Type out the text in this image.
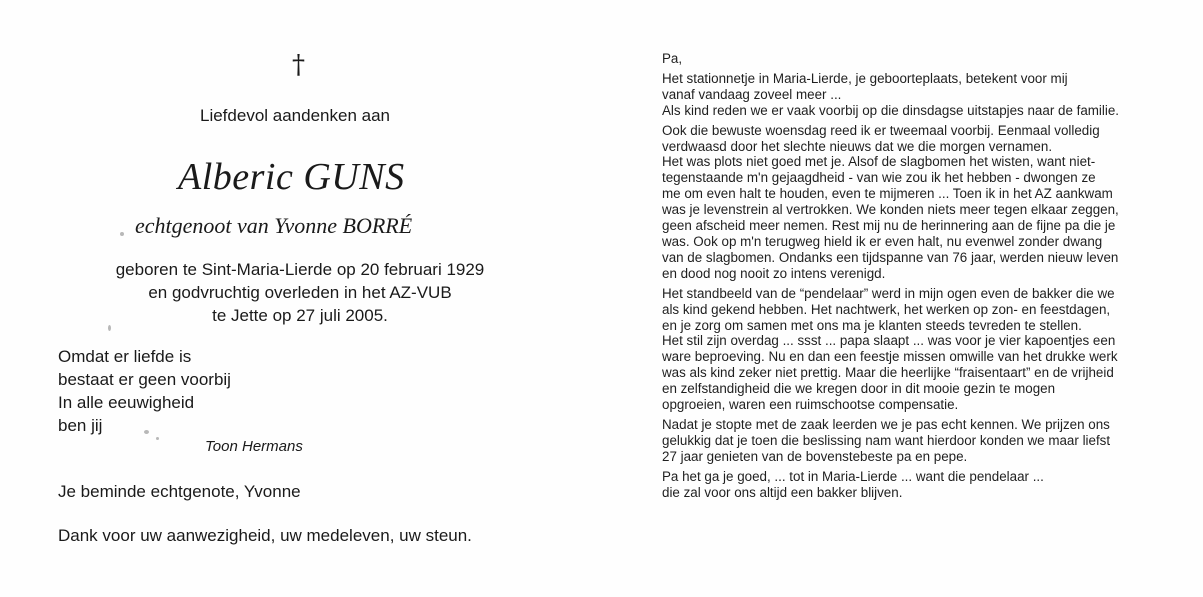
†
Liefdevol aandenken aan
Alberic GUNS
echtgenoot van Yvonne BORRÉ
geboren te Sint-Maria-Lierde op 20 februari 1929
en godvruchtig overleden in het AZ-VUB
te Jette op 27 juli 2005.
Omdat er liefde is
bestaat er geen voorbij
In alle eeuwigheid
ben jij
Toon Hermans
Je beminde echtgenote, Yvonne
Dank voor uw aanwezigheid, uw medeleven, uw steun.
Pa,
Het stationnetje in Maria-Lierde, je geboorteplaats, betekent voor mij
vanaf vandaag zoveel meer ...
Als kind reden we er vaak voorbij op die dinsdagse uitstapjes naar de familie.
Ook die bewuste woensdag reed ik er tweemaal voorbij. Eenmaal volledig
verdwaasd door het slechte nieuws dat we die morgen vernamen.
Het was plots niet goed met je. Alsof de slagbomen het wisten, want niet-
tegenstaande m'n gejaagdheid - van wie zou ik het hebben - dwongen ze
me om even halt te houden, even te mijmeren ... Toen ik in het AZ aankwam
was je levenstrein al vertrokken. We konden niets meer tegen elkaar zeggen,
geen afscheid meer nemen. Rest mij nu de herinnering aan de fijne pa die je
was. Ook op m'n terugweg hield ik er even halt, nu evenwel zonder dwang
van de slagbomen. Ondanks een tijdspanne van 76 jaar, werden nieuw leven
en dood nog nooit zo intens verenigd.
Het standbeeld van de “pendelaar” werd in mijn ogen even de bakker die we
als kind gekend hebben. Het nachtwerk, het werken op zon- en feestdagen,
en je zorg om samen met ons ma je klanten steeds tevreden te stellen.
Het stil zijn overdag ... ssst ... papa slaapt ... was voor je vier kapoentjes een
ware beproeving. Nu en dan een feestje missen omwille van het drukke werk
was als kind zeker niet prettig. Maar die heerlijke “fraisentaart” en de vrijheid
en zelfstandigheid die we kregen door in dit mooie gezin te mogen
opgroeien, waren een ruimschootse compensatie.
Nadat je stopte met de zaak leerden we je pas echt kennen. We prijzen ons
gelukkig dat je toen die beslissing nam want hierdoor konden we maar liefst
27 jaar genieten van de bovenstebeste pa en pepe.
Pa het ga je goed, ... tot in Maria-Lierde ... want die pendelaar ...
die zal voor ons altijd een bakker blijven.
